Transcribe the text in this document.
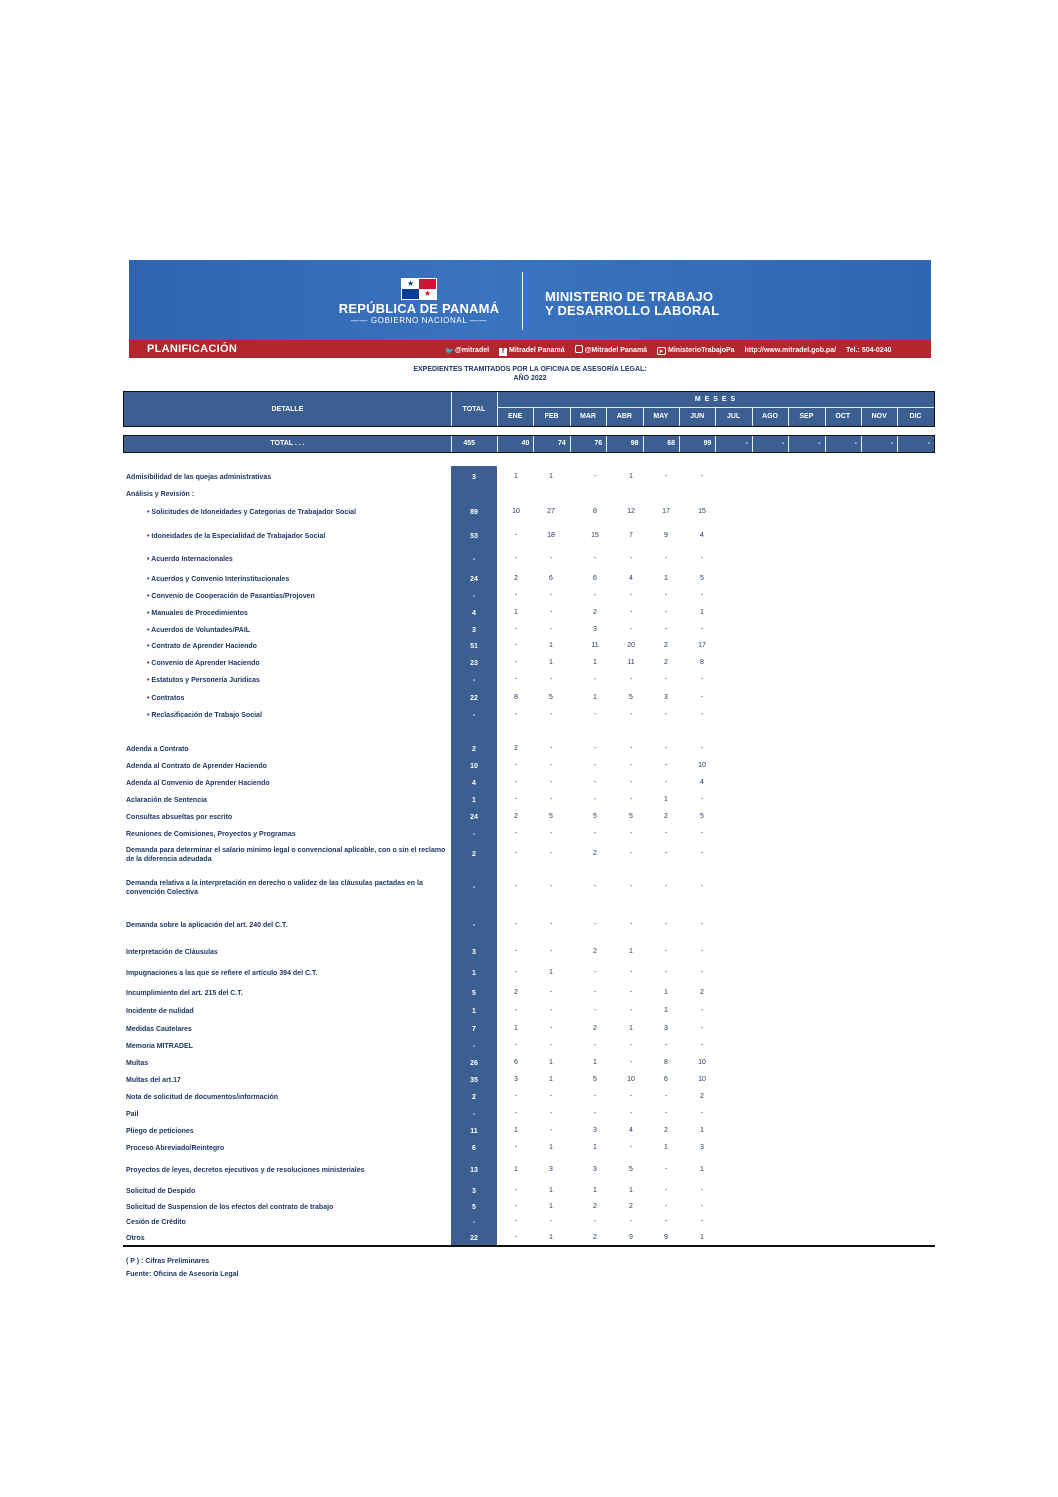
★
★
REPÚBLICA DE PANAMÁ
—— GOBIERNO NACIONAL ——
MINISTERIO DE TRABAJO
Y DESARROLLO LABORAL
PLANIFICACIÓN	🐦@mitradel f Mitradel Panamá	@Mitradel Panamá ▸ MinisterioTrabajoPa http://www.mitradel.gob.pa/ Tel.: 504-0240
EXPEDIENTES TRAMITADOS POR LA OFICINA DE ASESORÍA LEGAL:
AÑO 2022
DETALLE	TOTAL
M E S E S
ENE	FEB	MAR	ABR	MAY	JUN	JUL	AGO	SEP	OCT	NOV	DIC
TOTAL . . .	455	40	74	76	98	68	99	-	-	-	-	-	-
Admisibilidad de las quejas administrativas	3	1	1	-	1	-	-
Análisis y Revisión :
• Solicitudes de Idoneidades y Categorias de Trabajador Social	89	10	27	8	12	17	15
• Idoneidades de la Especialidad de Trabajador Social	53	-	18	15	7	9	4
• Acuerdo Internacionales	-	-	-	-	-	-	-
• Acuerdos y Convenio Interinstitucionales	24	2	6	6	4	1	5
• Convenio de Cooperación de Pasantías/Projoven	-	-	-	-	-	-	-
• Manuales de Procedimientos	4	1	-	2	-	-	1
• Acuerdos de Voluntades/PAIL	3	-	-	3	-	-	-
• Contrato de Aprender Haciendo	51	-	1	11	20	2	17
• Convenio de Aprender Haciendo	23	-	1	1	11	2	8
• Estatutos y Personería Jurídicas	-	-	-	-	-	-	-
• Contratos	22	8	5	1	5	3	-
• Reclasificación de Trabajo Social	-	-	-	-	-	-	-
Adenda a Contrato	2	2	-	-	-	-	-
Adenda al Contrato de Aprender Haciendo	10	-	-	-	-	-	10
Adenda al Convenio de Aprender Haciendo	4	-	-	-	-	-	4
Aclaración de Sentencia	1	-	-	-	-	1	-
Consultas absueltas por escrito	24	2	5	5	5	2	5
Reuniones de Comisiones, Proyectos y Programas	-	-	-	-	-	-	-
Demanda para determinar el salario mínimo legal o convencional aplicable, con o sin el reclamo de la diferencia adeudada
2	-	-	2	-	-	-
Demanda relativa a la interpretación en derecho o validez de las cláusulas pactadas en la convención Colectiva
-	-	-	-	-	-	-
Demanda sobre la aplicación del art. 240 del C.T.	-	-	-	-	-	-	-
Interpretación de Cláusulas	3	-	-	2	1	-	-
Impugnaciones a las que se refiere el artículo 394 del C.T.	1	-	1	-	-	-	-
Incumplimiento del art. 215 del C.T.	5	2	-	-	-	1	2
Incidente de nulidad	1	-	-	-	-	1	-
Medidas Cautelares	7	1	-	2	1	3	-
Memoria MITRADEL	-	-	-	-	-	-	-
Multas	26	6	1	1	-	8	10
Multas del art.17	35	3	1	5	10	6	10
Nota de solicitud de documentos/información	2	-	-	-	-	-	2
Pail	-	-	-	-	-	-	-
Pliego de peticiones	11	1	-	3	4	2	1
Proceso Abreviado/Reintegro	6	-	1	1	-	1	3
Proyectos de leyes, decretos ejecutivos y de resoluciones ministeriales	13	1	3	3	5	-	1
Solicitud de Despido	3	-	1	1	1	-	-
Solicitud de Suspension de los efectos del contrato de trabajo	5	-	1	2	2	-	-
Cesión de Crédito	-	-	-	-	-	-	-
Otros	22	-	1	2	9	9	1
( P ) : Cifras Preliminares
Fuente: Oficina de Asesoría Legal
